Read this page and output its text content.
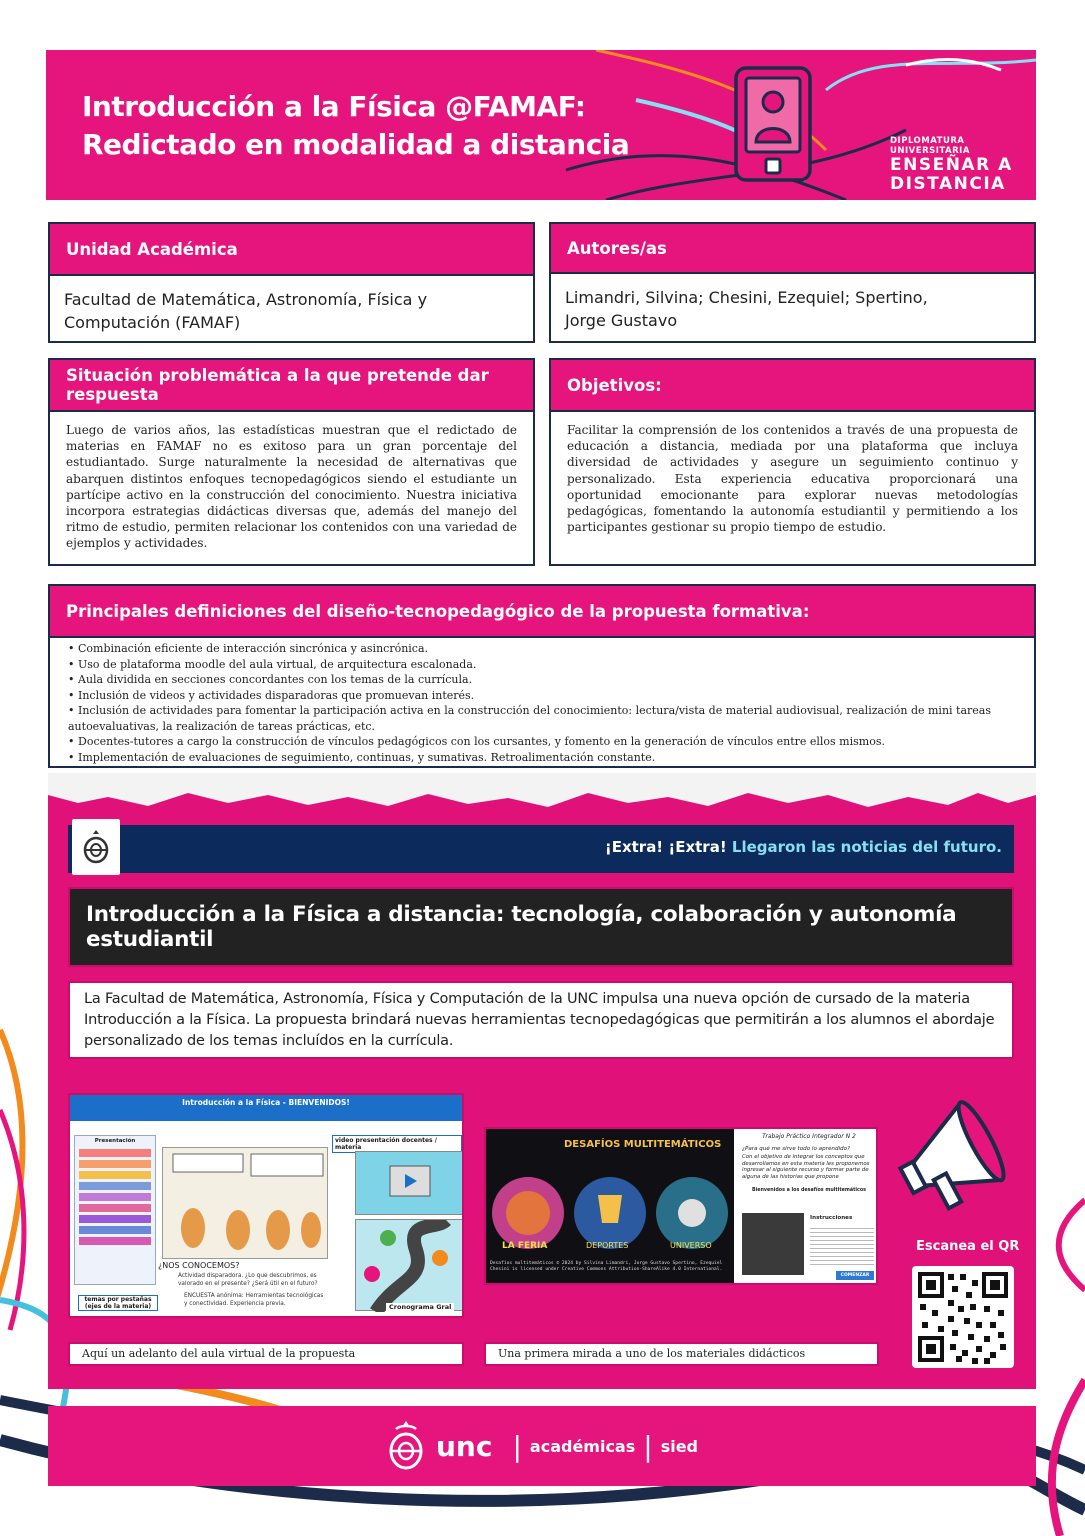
Introducción a la Física @FAMAF:
Redictado en modalidad a distancia	DIPLOMATURA UNIVERSITARIA
ENSEÑAR A
DISTANCIA
Unidad Académica
Facultad de Matemática, Astronomía, Física y Computación (FAMAF)
Autores/as
Limandri, Silvina; Chesini, Ezequiel; Spertino,
Jorge Gustavo
Situación problemática a la que pretende dar respuesta
Luego de varios años, las estadísticas muestran que el redictado de materias en FAMAF no es exitoso para un gran porcentaje del estudiantado. Surge naturalmente la necesidad de alternativas que abarquen distintos enfoques tecnopedagógicos siendo el estudiante un partícipe activo en la construcción del conocimiento. Nuestra iniciativa incorpora estrategias didácticas diversas que, además del manejo del ritmo de estudio, permiten relacionar los contenidos con una variedad de ejemplos y actividades.
Objetivos:
Facilitar la comprensión de los contenidos a través de una propuesta de educación a distancia, mediada por una plataforma que incluya diversidad de actividades y asegure un seguimiento continuo y personalizado. Esta experiencia educativa proporcionará una oportunidad emocionante para explorar nuevas metodologías pedagógicas, fomentando la autonomía estudiantil y permitiendo a los participantes gestionar su propio tiempo de estudio.
Principales definiciones del diseño-tecnopedagógico de la propuesta formativa:
• Combinación eficiente de interacción sincrónica y asincrónica.
• Uso de plataforma moodle del aula virtual, de arquitectura escalonada.
• Aula dividida en secciones concordantes con los temas de la currícula.
• Inclusión de videos y actividades disparadoras que promuevan interés.
• Inclusión de actividades para fomentar la participación activa en la construcción del conocimiento: lectura/vista de material audiovisual, realización de mini tareas autoevaluativas, la realización de tareas prácticas, etc.
• Docentes-tutores a cargo la construcción de vínculos pedagógicos con los cursantes, y fomento en la generación de vínculos entre ellos mismos.
• Implementación de evaluaciones de seguimiento, continuas, y sumativas. Retroalimentación constante.
¡Extra! ¡Extra! Llegaron las noticias del futuro.
Introducción a la Física a distancia: tecnología, colaboración y autonomía estudiantil
La Facultad de Matemática, Astronomía, Física y Computación de la UNC impulsa una nueva opción de cursado de la materia Introducción a la Física. La propuesta brindará nuevas herramientas tecnopedagógicas que permitirán a los alumnos el abordaje personalizado de los temas incluídos en la currícula.
Introducción a la Física - BIENVENIDOS!
Presentación
temas por pestañas (ejes de la materia)
¿NOS CONOCEMOS?
Actividad disparadora. ¿Lo que descubrimos, es valorado en el presente? ¿Será útil en el futuro?
ENCUESTA anónima: Herramientas tecnológicas y conectividad. Experiencia previa.
video presentación docentes / materia
Cronograma Gral
DESAFÍOS MULTITEMÁTICOS
LA FERIA	DEPORTES	UNIVERSO
Desafíos multitemáticos © 2024 by Silvina Limandri, Jorge Gustavo Spertino, Ezequiel Chesini is licensed under Creative Commons Attribution-ShareAlike 4.0 International.
Trabajo Práctico Integrador N 2
¿Para qué me sirve todo lo aprendido?
Con el objetivo de integrar los conceptos que desarrollamos en esta materia les proponemos ingresar al siguiente recurso y formar parte de alguna de las historias que propone
Bienvenidos a los desafíos multitemáticos
Instrucciones
COMENZAR
Aquí un adelanto del aula virtual de la propuesta	Una primera mirada a uno de los materiales didácticos
Escanea el QR
unc | académicas | sied
